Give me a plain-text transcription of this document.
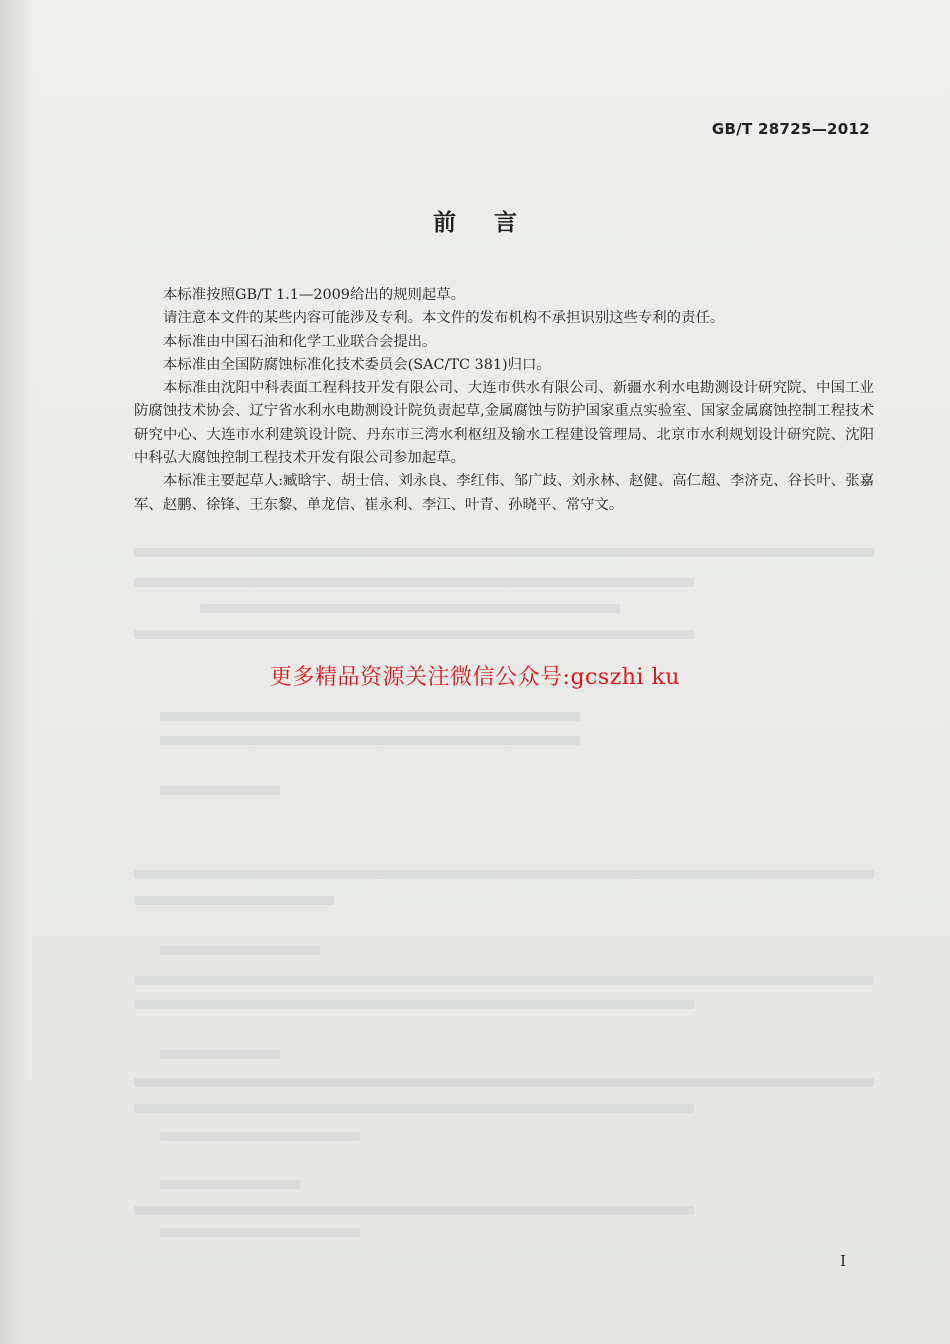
GB/T 28725—2012
前言

本标准按照GB/T 1.1—2009给出的规则起草。

请注意本文件的某些内容可能涉及专利。本文件的发布机构不承担识别这些专利的责任。

本标准由中国石油和化学工业联合会提出。

本标准由全国防腐蚀标准化技术委员会(SAC/TC 381)归口。

本标准由沈阳中科表面工程科技开发有限公司、大连市供水有限公司、新疆水利水电勘测设计研究院、中国工业防腐蚀技术协会、辽宁省水利水电勘测设计院负责起草,金属腐蚀与防护国家重点实验室、国家金属腐蚀控制工程技术研究中心、大连市水利建筑设计院、丹东市三湾水利枢纽及输水工程建设管理局、北京市水利规划设计研究院、沈阳中科弘大腐蚀控制工程技术开发有限公司参加起草。

本标准主要起草人:臧晗宇、胡士信、刘永良、李红伟、邹广歧、刘永林、赵健、高仁超、李济克、谷长叶、张嘉军、赵鹏、徐锋、王东黎、单龙信、崔永利、李江、叶青、孙晓平、常守文。

更多精品资源关注微信公众号:gcszhi ku
I
